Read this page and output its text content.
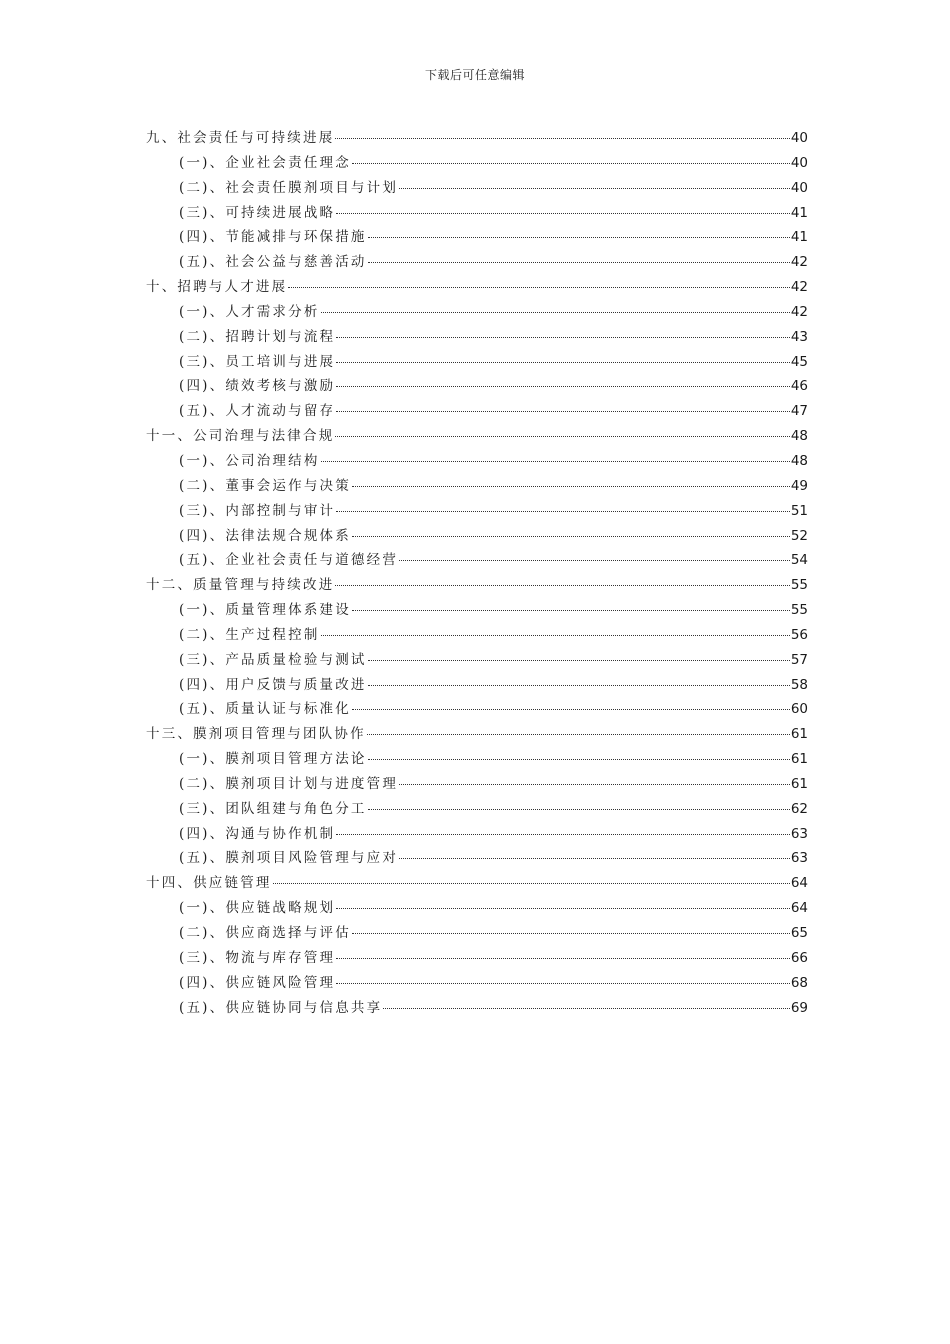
下载后可任意编辑
九、社会责任与可持续进展	40
(一)、企业社会责任理念	40
(二)、社会责任膜剂项目与计划	40
(三)、可持续进展战略	41
(四)、节能减排与环保措施	41
(五)、社会公益与慈善活动	42
十、招聘与人才进展	42
(一)、人才需求分析	42
(二)、招聘计划与流程	43
(三)、员工培训与进展	45
(四)、绩效考核与激励	46
(五)、人才流动与留存	47
十一、公司治理与法律合规	48
(一)、公司治理结构	48
(二)、董事会运作与决策	49
(三)、内部控制与审计	51
(四)、法律法规合规体系	52
(五)、企业社会责任与道德经营	54
十二、质量管理与持续改进	55
(一)、质量管理体系建设	55
(二)、生产过程控制	56
(三)、产品质量检验与测试	57
(四)、用户反馈与质量改进	58
(五)、质量认证与标准化	60
十三、膜剂项目管理与团队协作	61
(一)、膜剂项目管理方法论	61
(二)、膜剂项目计划与进度管理	61
(三)、团队组建与角色分工	62
(四)、沟通与协作机制	63
(五)、膜剂项目风险管理与应对	63
十四、供应链管理	64
(一)、供应链战略规划	64
(二)、供应商选择与评估	65
(三)、物流与库存管理	66
(四)、供应链风险管理	68
(五)、供应链协同与信息共享	69
